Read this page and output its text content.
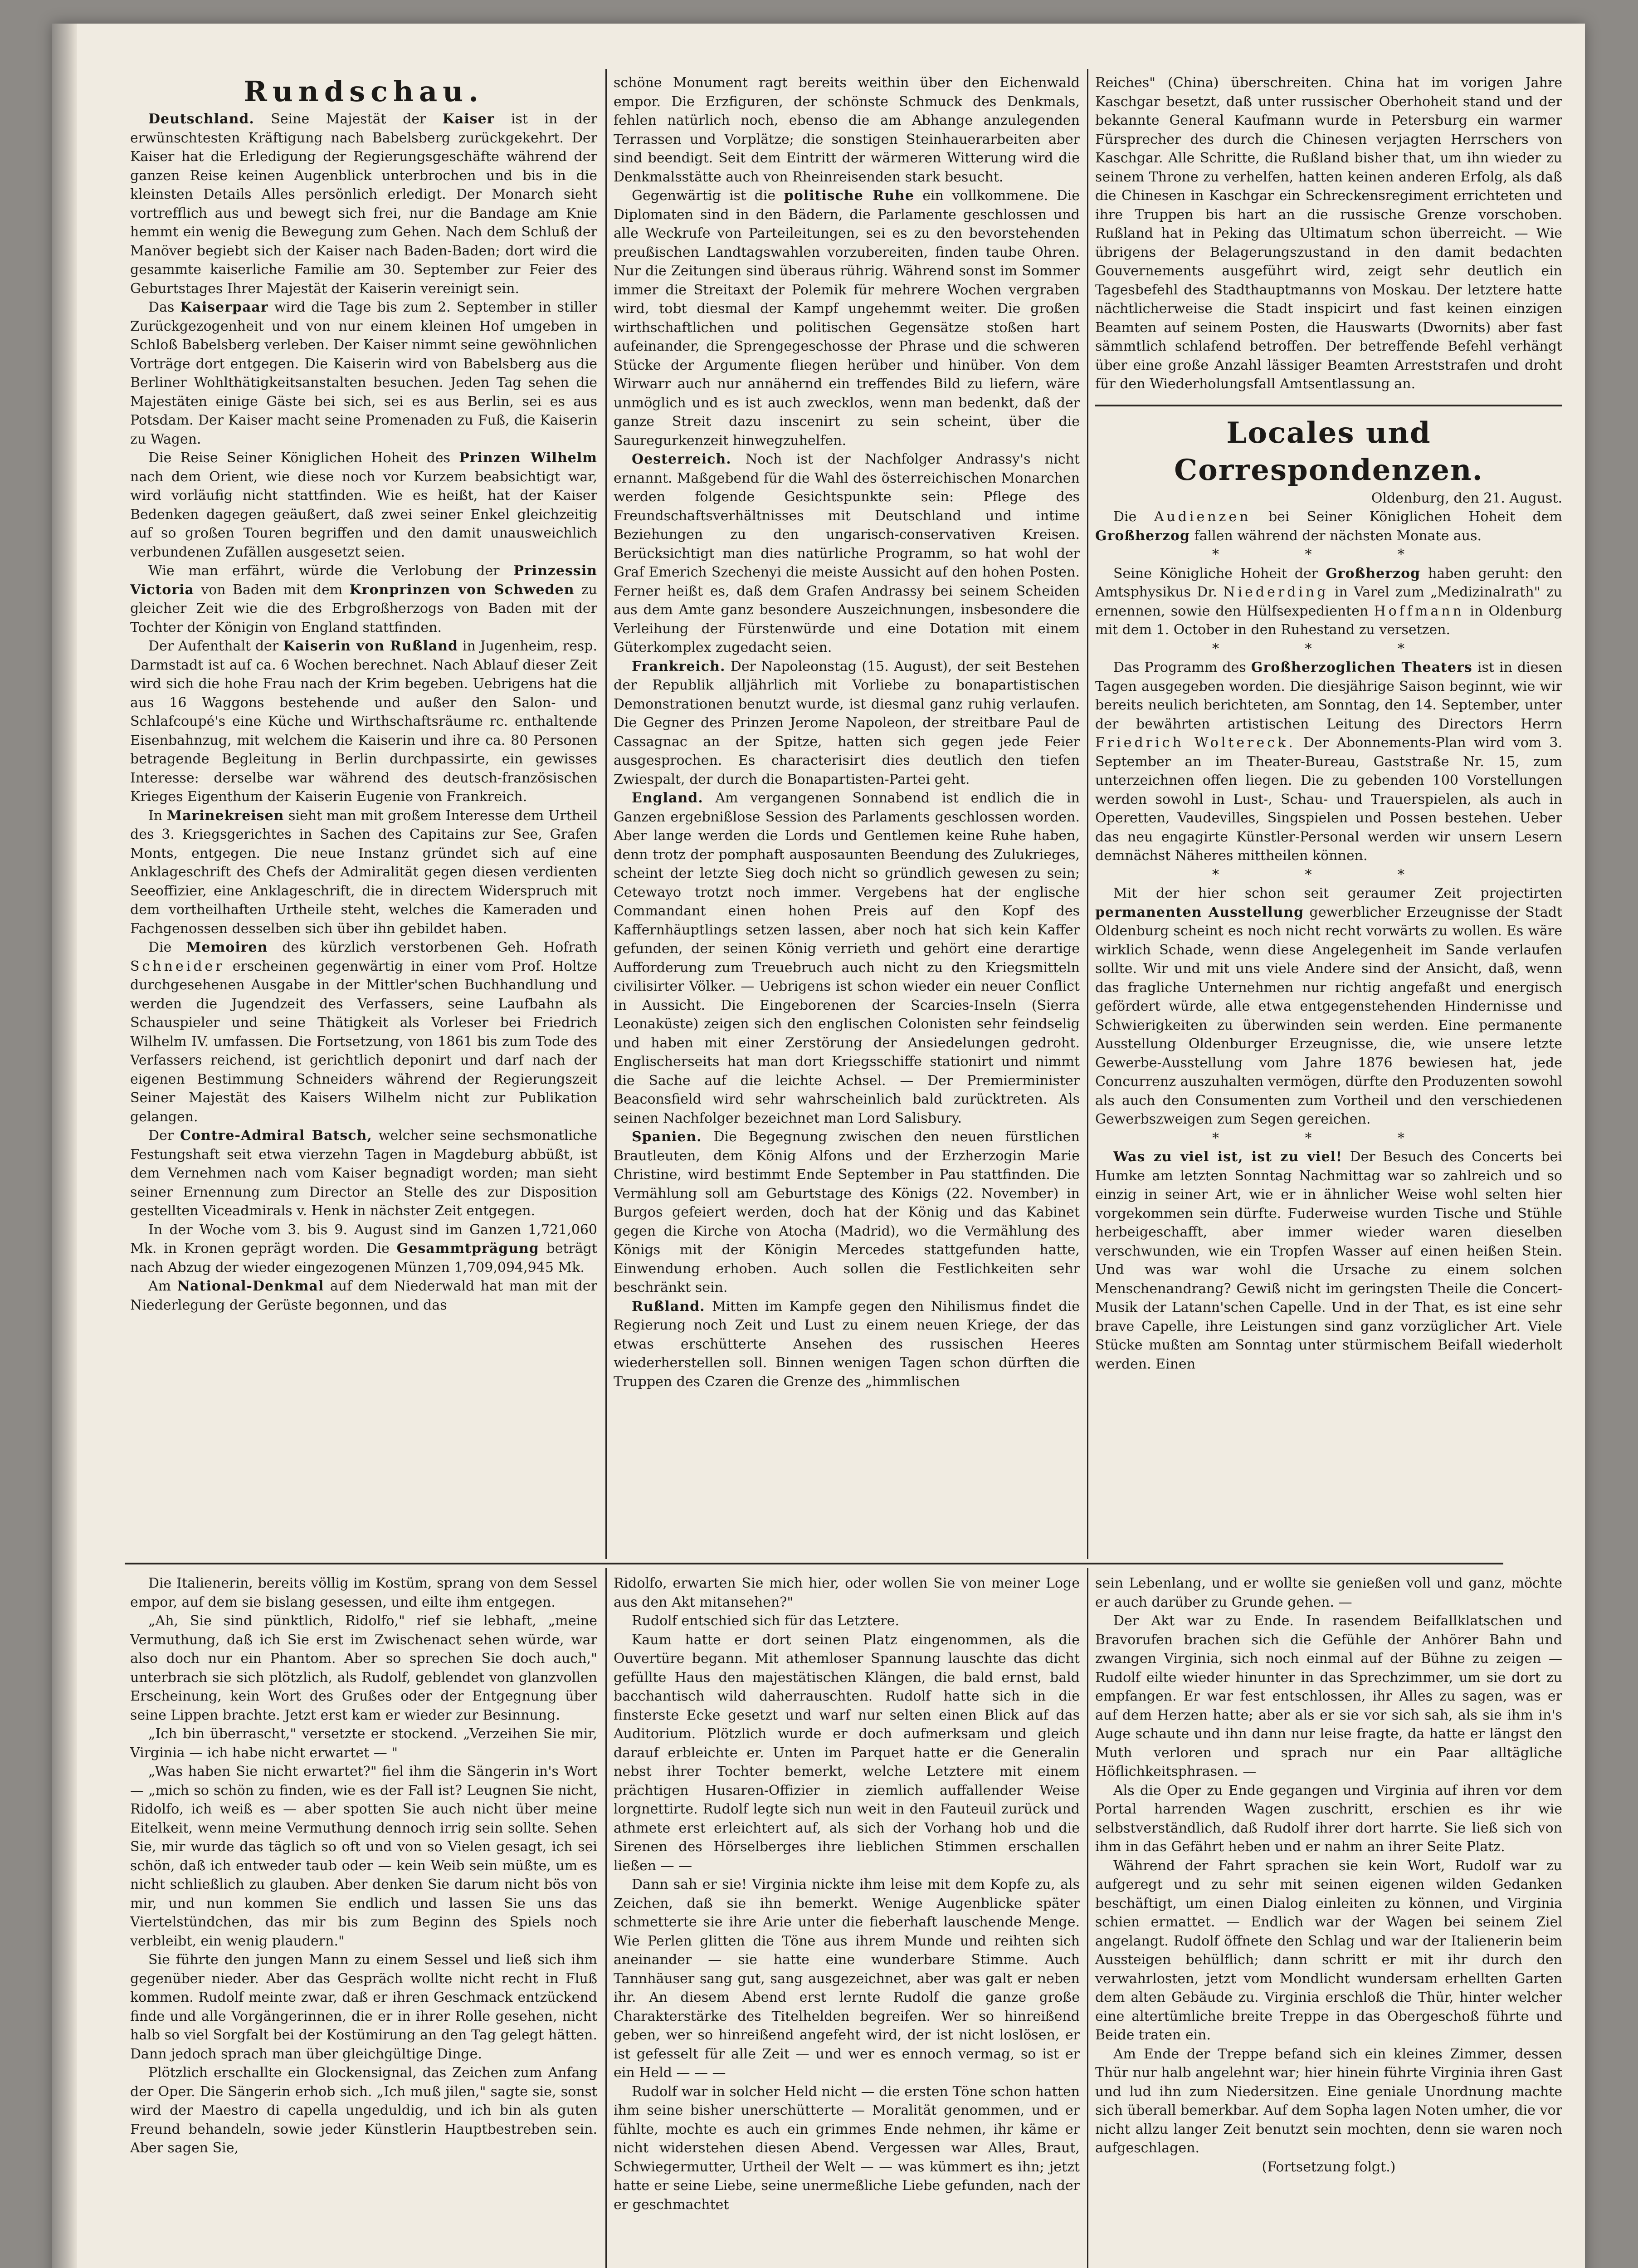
Rundschau.

Deutschland. Seine Majestät der Kaiser ist in der erwünschtesten Kräftigung nach Babelsberg zurückgekehrt. Der Kaiser hat die Erledigung der Regierungsgeschäfte während der ganzen Reise keinen Augenblick unterbrochen und bis in die kleinsten Details Alles persönlich erledigt. Der Monarch sieht vortrefflich aus und bewegt sich frei, nur die Bandage am Knie hemmt ein wenig die Bewegung zum Gehen. Nach dem Schluß der Manöver begiebt sich der Kaiser nach Baden-Baden; dort wird die gesammte kaiserliche Familie am 30. September zur Feier des Geburtstages Ihrer Majestät der Kaiserin vereinigt sein.

Das Kaiserpaar wird die Tage bis zum 2. September in stiller Zurückgezogenheit und von nur einem kleinen Hof umgeben in Schloß Babelsberg verleben. Der Kaiser nimmt seine gewöhnlichen Vorträge dort entgegen. Die Kaiserin wird von Babelsberg aus die Berliner Wohlthätigkeitsanstalten besuchen. Jeden Tag sehen die Majestäten einige Gäste bei sich, sei es aus Berlin, sei es aus Potsdam. Der Kaiser macht seine Promenaden zu Fuß, die Kaiserin zu Wagen.

Die Reise Seiner Königlichen Hoheit des Prinzen Wilhelm nach dem Orient, wie diese noch vor Kurzem beabsichtigt war, wird vorläufig nicht stattfinden. Wie es heißt, hat der Kaiser Bedenken dagegen geäußert, daß zwei seiner Enkel gleichzeitig auf so großen Touren begriffen und den damit unausweichlich verbundenen Zufällen ausgesetzt seien.

Wie man erfährt, würde die Verlobung der Prinzessin Victoria von Baden mit dem Kronprinzen von Schweden zu gleicher Zeit wie die des Erbgroßherzogs von Baden mit der Tochter der Königin von England stattfinden.

Der Aufenthalt der Kaiserin von Rußland in Jugenheim, resp. Darmstadt ist auf ca. 6 Wochen berechnet. Nach Ablauf dieser Zeit wird sich die hohe Frau nach der Krim begeben. Uebrigens hat die aus 16 Waggons bestehende und außer den Salon- und Schlafcoupé's eine Küche und Wirthschaftsräume rc. enthaltende Eisenbahnzug, mit welchem die Kaiserin und ihre ca. 80 Personen betragende Begleitung in Berlin durchpassirte, ein gewisses Interesse: derselbe war während des deutsch-französischen Krieges Eigenthum der Kaiserin Eugenie von Frankreich.

In Marinekreisen sieht man mit großem Interesse dem Urtheil des 3. Kriegsgerichtes in Sachen des Capitains zur See, Grafen Monts, entgegen. Die neue Instanz gründet sich auf eine Anklageschrift des Chefs der Admiralität gegen diesen verdienten Seeoffizier, eine Anklageschrift, die in directem Widerspruch mit dem vortheilhaften Urtheile steht, welches die Kameraden und Fachgenossen desselben sich über ihn gebildet haben.

Die Memoiren des kürzlich verstorbenen Geh. Hofrath Schneider erscheinen gegenwärtig in einer vom Prof. Holtze durchgesehenen Ausgabe in der Mittler'schen Buchhandlung und werden die Jugendzeit des Verfassers, seine Laufbahn als Schauspieler und seine Thätigkeit als Vorleser bei Friedrich Wilhelm IV. umfassen. Die Fortsetzung, von 1861 bis zum Tode des Verfassers reichend, ist gerichtlich deponirt und darf nach der eigenen Bestimmung Schneiders während der Regierungszeit Seiner Majestät des Kaisers Wilhelm nicht zur Publikation gelangen.

Der Contre-Admiral Batsch, welcher seine sechsmonatliche Festungshaft seit etwa vierzehn Tagen in Magdeburg abbüßt, ist dem Vernehmen nach vom Kaiser begnadigt worden; man sieht seiner Ernennung zum Director an Stelle des zur Disposition gestellten Viceadmirals v. Henk in nächster Zeit entgegen.

In der Woche vom 3. bis 9. August sind im Ganzen 1,721,060 Mk. in Kronen geprägt worden. Die Gesammtprägung beträgt nach Abzug der wieder eingezogenen Münzen 1,709,094,945 Mk.

Am National-Denkmal auf dem Niederwald hat man mit der Niederlegung der Gerüste begonnen, und das

schöne Monument ragt bereits weithin über den Eichenwald empor. Die Erzfiguren, der schönste Schmuck des Denkmals, fehlen natürlich noch, ebenso die am Abhange anzulegenden Terrassen und Vorplätze; die sonstigen Steinhauerarbeiten aber sind beendigt. Seit dem Eintritt der wärmeren Witterung wird die Denkmalsstätte auch von Rheinreisenden stark besucht.

Gegenwärtig ist die politische Ruhe ein vollkommene. Die Diplomaten sind in den Bädern, die Parlamente geschlossen und alle Weckrufe von Parteileitungen, sei es zu den bevorstehenden preußischen Landtagswahlen vorzubereiten, finden taube Ohren. Nur die Zeitungen sind überaus rührig. Während sonst im Sommer immer die Streitaxt der Polemik für mehrere Wochen vergraben wird, tobt diesmal der Kampf ungehemmt weiter. Die großen wirthschaftlichen und politischen Gegensätze stoßen hart aufeinander, die Sprengegeschosse der Phrase und die schweren Stücke der Argumente fliegen herüber und hinüber. Von dem Wirwarr auch nur annähernd ein treffendes Bild zu liefern, wäre unmöglich und es ist auch zwecklos, wenn man bedenkt, daß der ganze Streit dazu inscenirt zu sein scheint, über die Sauregurkenzeit hinwegzuhelfen.

Oesterreich. Noch ist der Nachfolger Andrassy's nicht ernannt. Maßgebend für die Wahl des österreichischen Monarchen werden folgende Gesichtspunkte sein: Pflege des Freundschaftsverhältnisses mit Deutschland und intime Beziehungen zu den ungarisch-conservativen Kreisen. Berücksichtigt man dies natürliche Programm, so hat wohl der Graf Emerich Szechenyi die meiste Aussicht auf den hohen Posten. Ferner heißt es, daß dem Grafen Andrassy bei seinem Scheiden aus dem Amte ganz besondere Auszeichnungen, insbesondere die Verleihung der Fürstenwürde und eine Dotation mit einem Güterkomplex zugedacht seien.

Frankreich. Der Napoleonstag (15. August), der seit Bestehen der Republik alljährlich mit Vorliebe zu bonapartistischen Demonstrationen benutzt wurde, ist diesmal ganz ruhig verlaufen. Die Gegner des Prinzen Jerome Napoleon, der streitbare Paul de Cassagnac an der Spitze, hatten sich gegen jede Feier ausgesprochen. Es characterisirt dies deutlich den tiefen Zwiespalt, der durch die Bonapartisten-Partei geht.

England. Am vergangenen Sonnabend ist endlich die in Ganzen ergebnißlose Session des Parlaments geschlossen worden. Aber lange werden die Lords und Gentlemen keine Ruhe haben, denn trotz der pomphaft ausposaunten Beendung des Zulukrieges, scheint der letzte Sieg doch nicht so gründlich gewesen zu sein; Cetewayo trotzt noch immer. Vergebens hat der englische Commandant einen hohen Preis auf den Kopf des Kaffernhäuptlings setzen lassen, aber noch hat sich kein Kaffer gefunden, der seinen König verrieth und gehört eine derartige Aufforderung zum Treuebruch auch nicht zu den Kriegsmitteln civilisirter Völker. — Uebrigens ist schon wieder ein neuer Conflict in Aussicht. Die Eingeborenen der Scarcies-Inseln (Sierra Leonaküste) zeigen sich den englischen Colonisten sehr feindselig und haben mit einer Zerstörung der Ansiedelungen gedroht. Englischerseits hat man dort Kriegsschiffe stationirt und nimmt die Sache auf die leichte Achsel. — Der Premierminister Beaconsfield wird sehr wahrscheinlich bald zurücktreten. Als seinen Nachfolger bezeichnet man Lord Salisbury.

Spanien. Die Begegnung zwischen den neuen fürstlichen Brautleuten, dem König Alfons und der Erzherzogin Marie Christine, wird bestimmt Ende September in Pau stattfinden. Die Vermählung soll am Geburtstage des Königs (22. November) in Burgos gefeiert werden, doch hat der König und das Kabinet gegen die Kirche von Atocha (Madrid), wo die Vermählung des Königs mit der Königin Mercedes stattgefunden hatte, Einwendung erhoben. Auch sollen die Festlichkeiten sehr beschränkt sein.

Rußland. Mitten im Kampfe gegen den Nihilismus findet die Regierung noch Zeit und Lust zu einem neuen Kriege, der das etwas erschütterte Ansehen des russischen Heeres wiederherstellen soll. Binnen wenigen Tagen schon dürften die Truppen des Czaren die Grenze des „himmlischen

Reiches" (China) überschreiten. China hat im vorigen Jahre Kaschgar besetzt, daß unter russischer Oberhoheit stand und der bekannte General Kaufmann wurde in Petersburg ein warmer Fürsprecher des durch die Chinesen verjagten Herrschers von Kaschgar. Alle Schritte, die Rußland bisher that, um ihn wieder zu seinem Throne zu verhelfen, hatten keinen anderen Erfolg, als daß die Chinesen in Kaschgar ein Schreckensregiment errichteten und ihre Truppen bis hart an die russische Grenze vorschoben. Rußland hat in Peking das Ultimatum schon überreicht. — Wie übrigens der Belagerungszustand in den damit bedachten Gouvernements ausgeführt wird, zeigt sehr deutlich ein Tagesbefehl des Stadthauptmanns von Moskau. Der letztere hatte nächtlicherweise die Stadt inspicirt und fast keinen einzigen Beamten auf seinem Posten, die Hauswarts (Dwornits) aber fast sämmtlich schlafend betroffen. Der betreffende Befehl verhängt über eine große Anzahl lässiger Beamten Arreststrafen und droht für den Wiederholungsfall Amtsentlassung an.

Locales und Correspondenzen.

Oldenburg, den 21. August.

Die Audienzen bei Seiner Königlichen Hoheit dem Großherzog fallen während der nächsten Monate aus.

* * *

Seine Königliche Hoheit der Großherzog haben geruht: den Amtsphysikus Dr. Niederding in Varel zum „Medizinalrath" zu ernennen, sowie den Hülfsexpedienten Hoffmann in Oldenburg mit dem 1. October in den Ruhestand zu versetzen.

* * *

Das Programm des Großherzoglichen Theaters ist in diesen Tagen ausgegeben worden. Die diesjährige Saison beginnt, wie wir bereits neulich berichteten, am Sonntag, den 14. September, unter der bewährten artistischen Leitung des Directors Herrn Friedrich Woltereck. Der Abonnements-Plan wird vom 3. September an im Theater-Bureau, Gaststraße Nr. 15, zum unterzeichnen offen liegen. Die zu gebenden 100 Vorstellungen werden sowohl in Lust-, Schau- und Trauerspielen, als auch in Operetten, Vaudevilles, Singspielen und Possen bestehen. Ueber das neu engagirte Künstler-Personal werden wir unsern Lesern demnächst Näheres mittheilen können.

* * *

Mit der hier schon seit geraumer Zeit projectirten permanenten Ausstellung gewerblicher Erzeugnisse der Stadt Oldenburg scheint es noch nicht recht vorwärts zu wollen. Es wäre wirklich Schade, wenn diese Angelegenheit im Sande verlaufen sollte. Wir und mit uns viele Andere sind der Ansicht, daß, wenn das fragliche Unternehmen nur richtig angefaßt und energisch gefördert würde, alle etwa entgegenstehenden Hindernisse und Schwierigkeiten zu überwinden sein werden. Eine permanente Ausstellung Oldenburger Erzeugnisse, die, wie unsere letzte Gewerbe-Ausstellung vom Jahre 1876 bewiesen hat, jede Concurrenz auszuhalten vermögen, dürfte den Produzenten sowohl als auch den Consumenten zum Vortheil und den verschiedenen Gewerbszweigen zum Segen gereichen.

* * *

Was zu viel ist, ist zu viel! Der Besuch des Concerts bei Humke am letzten Sonntag Nachmittag war so zahlreich und so einzig in seiner Art, wie er in ähnlicher Weise wohl selten hier vorgekommen sein dürfte. Fuderweise wurden Tische und Stühle herbeigeschafft, aber immer wieder waren dieselben verschwunden, wie ein Tropfen Wasser auf einen heißen Stein. Und was war wohl die Ursache zu einem solchen Menschenandrang? Gewiß nicht im geringsten Theile die Concert-Musik der Latann'schen Capelle. Und in der That, es ist eine sehr brave Capelle, ihre Leistungen sind ganz vorzüglicher Art. Viele Stücke mußten am Sonntag unter stürmischem Beifall wiederholt werden. Einen

Die Italienerin, bereits völlig im Kostüm, sprang von dem Sessel empor, auf dem sie bislang gesessen, und eilte ihm entgegen.

„Ah, Sie sind pünktlich, Ridolfo," rief sie lebhaft, „meine Vermuthung, daß ich Sie erst im Zwischenact sehen würde, war also doch nur ein Phantom. Aber so sprechen Sie doch auch," unterbrach sie sich plötzlich, als Rudolf, geblendet von glanzvollen Erscheinung, kein Wort des Grußes oder der Entgegnung über seine Lippen brachte. Jetzt erst kam er wieder zur Besinnung.

„Ich bin überrascht," versetzte er stockend. „Verzeihen Sie mir, Virginia — ich habe nicht erwartet — "

„Was haben Sie nicht erwartet?" fiel ihm die Sängerin in's Wort — „mich so schön zu finden, wie es der Fall ist? Leugnen Sie nicht, Ridolfo, ich weiß es — aber spotten Sie auch nicht über meine Eitelkeit, wenn meine Vermuthung dennoch irrig sein sollte. Sehen Sie, mir wurde das täglich so oft und von so Vielen gesagt, ich sei schön, daß ich entweder taub oder — kein Weib sein müßte, um es nicht schließlich zu glauben. Aber denken Sie darum nicht bös von mir, und nun kommen Sie endlich und lassen Sie uns das Viertelstündchen, das mir bis zum Beginn des Spiels noch verbleibt, ein wenig plaudern."

Sie führte den jungen Mann zu einem Sessel und ließ sich ihm gegenüber nieder. Aber das Gespräch wollte nicht recht in Fluß kommen. Rudolf meinte zwar, daß er ihren Geschmack entzückend finde und alle Vorgängerinnen, die er in ihrer Rolle gesehen, nicht halb so viel Sorgfalt bei der Kostümirung an den Tag gelegt hätten. Dann jedoch sprach man über gleichgültige Dinge.

Plötzlich erschallte ein Glockensignal, das Zeichen zum Anfang der Oper. Die Sängerin erhob sich. „Ich muß jilen," sagte sie, sonst wird der Maestro di capella ungeduldig, und ich bin als guten Freund behandeln, sowie jeder Künstlerin Hauptbestreben sein. Aber sagen Sie,

Ridolfo, erwarten Sie mich hier, oder wollen Sie von meiner Loge aus den Akt mitansehen?"

Rudolf entschied sich für das Letztere.

Kaum hatte er dort seinen Platz eingenommen, als die Ouvertüre begann. Mit athemloser Spannung lauschte das dicht gefüllte Haus den majestätischen Klängen, die bald ernst, bald bacchantisch wild daherrauschten. Rudolf hatte sich in die finsterste Ecke gesetzt und warf nur selten einen Blick auf das Auditorium. Plötzlich wurde er doch aufmerksam und gleich darauf erbleichte er. Unten im Parquet hatte er die Generalin nebst ihrer Tochter bemerkt, welche Letztere mit einem prächtigen Husaren-Offizier in ziemlich auffallender Weise lorgnettirte. Rudolf legte sich nun weit in den Fauteuil zurück und athmete erst erleichtert auf, als sich der Vorhang hob und die Sirenen des Hörselberges ihre lieblichen Stimmen erschallen ließen — —

Dann sah er sie! Virginia nickte ihm leise mit dem Kopfe zu, als Zeichen, daß sie ihn bemerkt. Wenige Augenblicke später schmetterte sie ihre Arie unter die fieberhaft lauschende Menge. Wie Perlen glitten die Töne aus ihrem Munde und reihten sich aneinander — sie hatte eine wunderbare Stimme. Auch Tannhäuser sang gut, sang ausgezeichnet, aber was galt er neben ihr. An diesem Abend erst lernte Rudolf die ganze große Charakterstärke des Titelhelden begreifen. Wer so hinreißend geben, wer so hinreißend angefeht wird, der ist nicht loslösen, er ist gefesselt für alle Zeit — und wer es ennoch vermag, so ist er ein Held — — —

Rudolf war in solcher Held nicht — die ersten Töne schon hatten ihm seine bisher unerschütterte — Moralität genommen, und er fühlte, mochte es auch ein grimmes Ende nehmen, ihr käme er nicht widerstehen diesen Abend. Vergessen war Alles, Braut, Schwiegermutter, Urtheil der Welt — — was kümmert es ihn; jetzt hatte er seine Liebe, seine unermeßliche Liebe gefunden, nach der er geschmachtet

sein Lebenlang, und er wollte sie genießen voll und ganz, möchte er auch darüber zu Grunde gehen. —

Der Akt war zu Ende. In rasendem Beifallklatschen und Bravorufen brachen sich die Gefühle der Anhörer Bahn und zwangen Virginia, sich noch einmal auf der Bühne zu zeigen — Rudolf eilte wieder hinunter in das Sprechzimmer, um sie dort zu empfangen. Er war fest entschlossen, ihr Alles zu sagen, was er auf dem Herzen hatte; aber als er sie vor sich sah, als sie ihm in's Auge schaute und ihn dann nur leise fragte, da hatte er längst den Muth verloren und sprach nur ein Paar alltägliche Höflichkeitsphrasen. —

Als die Oper zu Ende gegangen und Virginia auf ihren vor dem Portal harrenden Wagen zuschritt, erschien es ihr wie selbstverständlich, daß Rudolf ihrer dort harrte. Sie ließ sich von ihm in das Gefährt heben und er nahm an ihrer Seite Platz.

Während der Fahrt sprachen sie kein Wort, Rudolf war zu aufgeregt und zu sehr mit seinen eigenen wilden Gedanken beschäftigt, um einen Dialog einleiten zu können, und Virginia schien ermattet. — Endlich war der Wagen bei seinem Ziel angelangt. Rudolf öffnete den Schlag und war der Italienerin beim Aussteigen behülflich; dann schritt er mit ihr durch den verwahrlosten, jetzt vom Mondlicht wundersam erhellten Garten dem alten Gebäude zu. Virginia erschloß die Thür, hinter welcher eine altertümliche breite Treppe in das Obergeschoß führte und Beide traten ein.

Am Ende der Treppe befand sich ein kleines Zimmer, dessen Thür nur halb angelehnt war; hier hinein führte Virginia ihren Gast und lud ihn zum Niedersitzen. Eine geniale Unordnung machte sich überall bemerkbar. Auf dem Sopha lagen Noten umher, die vor nicht allzu langer Zeit benutzt sein mochten, denn sie waren noch aufgeschlagen.

(Fortsetzung folgt.)
